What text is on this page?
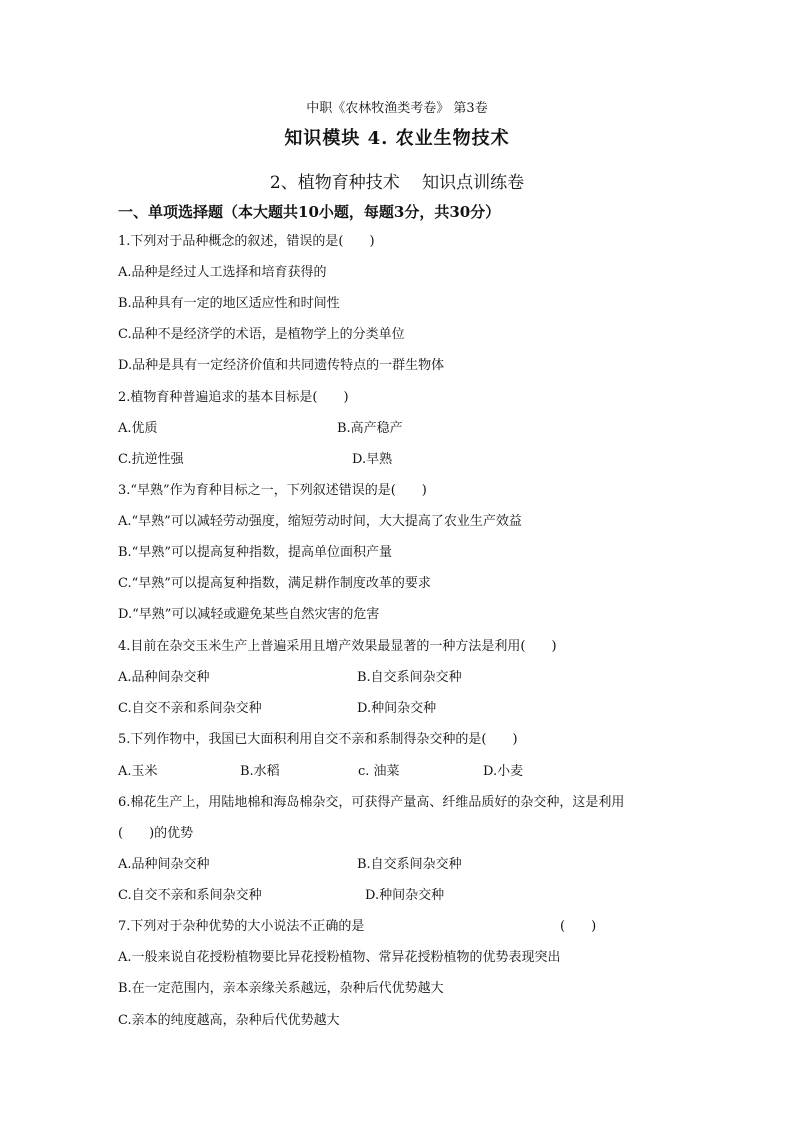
中职《农林牧渔类考卷》 第3卷
知识模块 4. 农业生物技术
2、植物育种技术　 知识点训练卷
一、单项选择题（本大题共10小题，每题3分，共30分）
1.下列对于品种概念的叙述，错误的是(　　)
A.品种是经过人工选择和培育获得的
B.品种具有一定的地区适应性和时间性
C.品种不是经济学的术语，是植物学上的分类单位
D.品种是具有一定经济价值和共同遗传特点的一群生物体
2.植物育种普遍追求的基本目标是(　　)
A.优质	B.高产稳产
C.抗逆性强	D.早熟
3.“早熟”作为育种目标之一，下列叙述错误的是(　　)
A.“早熟”可以减轻劳动强度，缩短劳动时间，大大提高了农业生产效益
B.“早熟”可以提高复种指数，提高单位面积产量
C.“早熟”可以提高复种指数，满足耕作制度改革的要求
D.“早熟”可以减轻或避免某些自然灾害的危害
4.目前在杂交玉米生产上普遍采用且增产效果最显著的一种方法是利用(　　)
A.品种间杂交种	B.自交系间杂交种
C.自交不亲和系间杂交种	D.种间杂交种
5.下列作物中，我国已大面积利用自交不亲和系制得杂交种的是(　　)
A.玉米	B.水稻	c. 油菜	D.小麦
6.棉花生产上，用陆地棉和海岛棉杂交，可获得产量高、纤维品质好的杂交种，这是利用
(　　)的优势
A.品种间杂交种	B.自交系间杂交种
C.自交不亲和系间杂交种	D.种间杂交种
7.下列对于杂种优势的大小说法不正确的是	(　　)
A.一般来说自花授粉植物要比异花授粉植物、常异花授粉植物的优势表现突出
B.在一定范围内，亲本亲缘关系越远，杂种后代优势越大
C.亲本的纯度越高，杂种后代优势越大
